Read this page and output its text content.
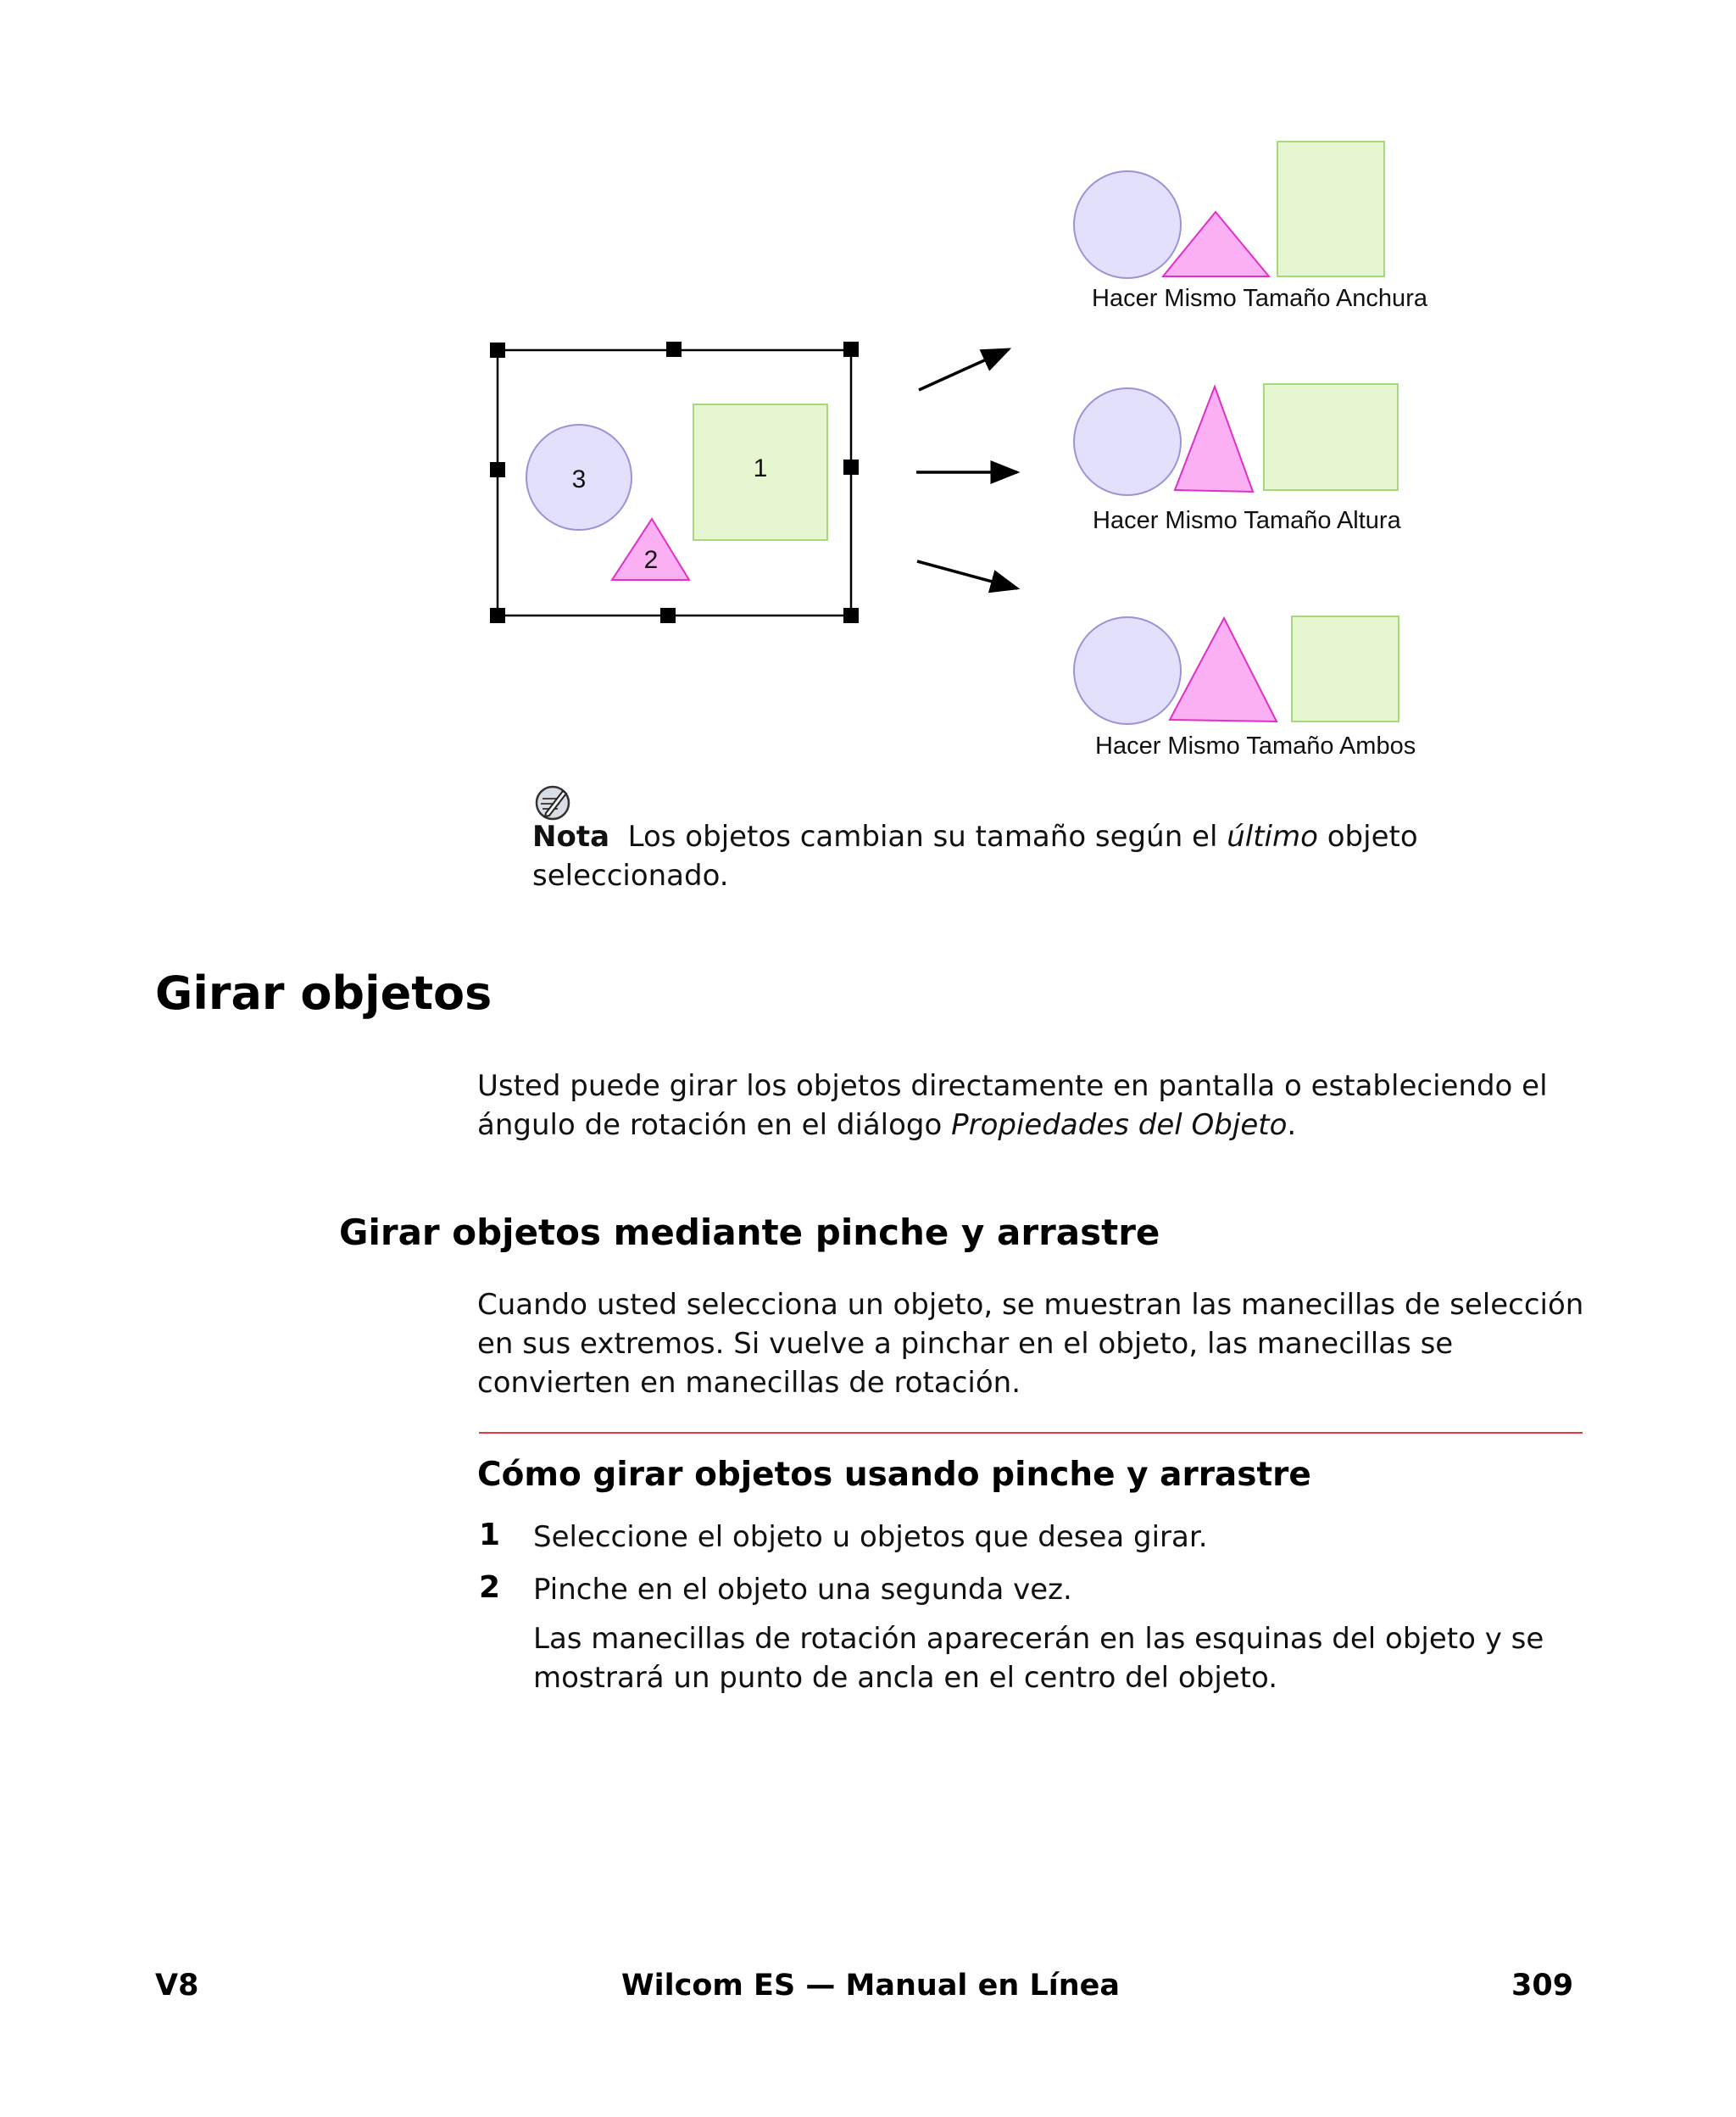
3
2
1
Hacer Mismo Tamaño Anchura
Hacer Mismo Tamaño Altura
Hacer Mismo Tamaño Ambos
Nota Los objetos cambian su tamaño según el último objeto seleccionado.
Girar objetos
Usted puede girar los objetos directamente en pantalla o estableciendo el ángulo de rotación en el diálogo Propiedades del Objeto.
Girar objetos mediante pinche y arrastre
Cuando usted selecciona un objeto, se muestran las manecillas de selección en sus extremos. Si vuelve a pinchar en el objeto, las manecillas se convierten en manecillas de rotación.
Cómo girar objetos usando pinche y arrastre
1 Seleccione el objeto u objetos que desea girar.
2 Pinche en el objeto una segunda vez.
Las manecillas de rotación aparecerán en las esquinas del objeto y se mostrará un punto de ancla en el centro del objeto.
V8	Wilcom ES — Manual en Línea	309
